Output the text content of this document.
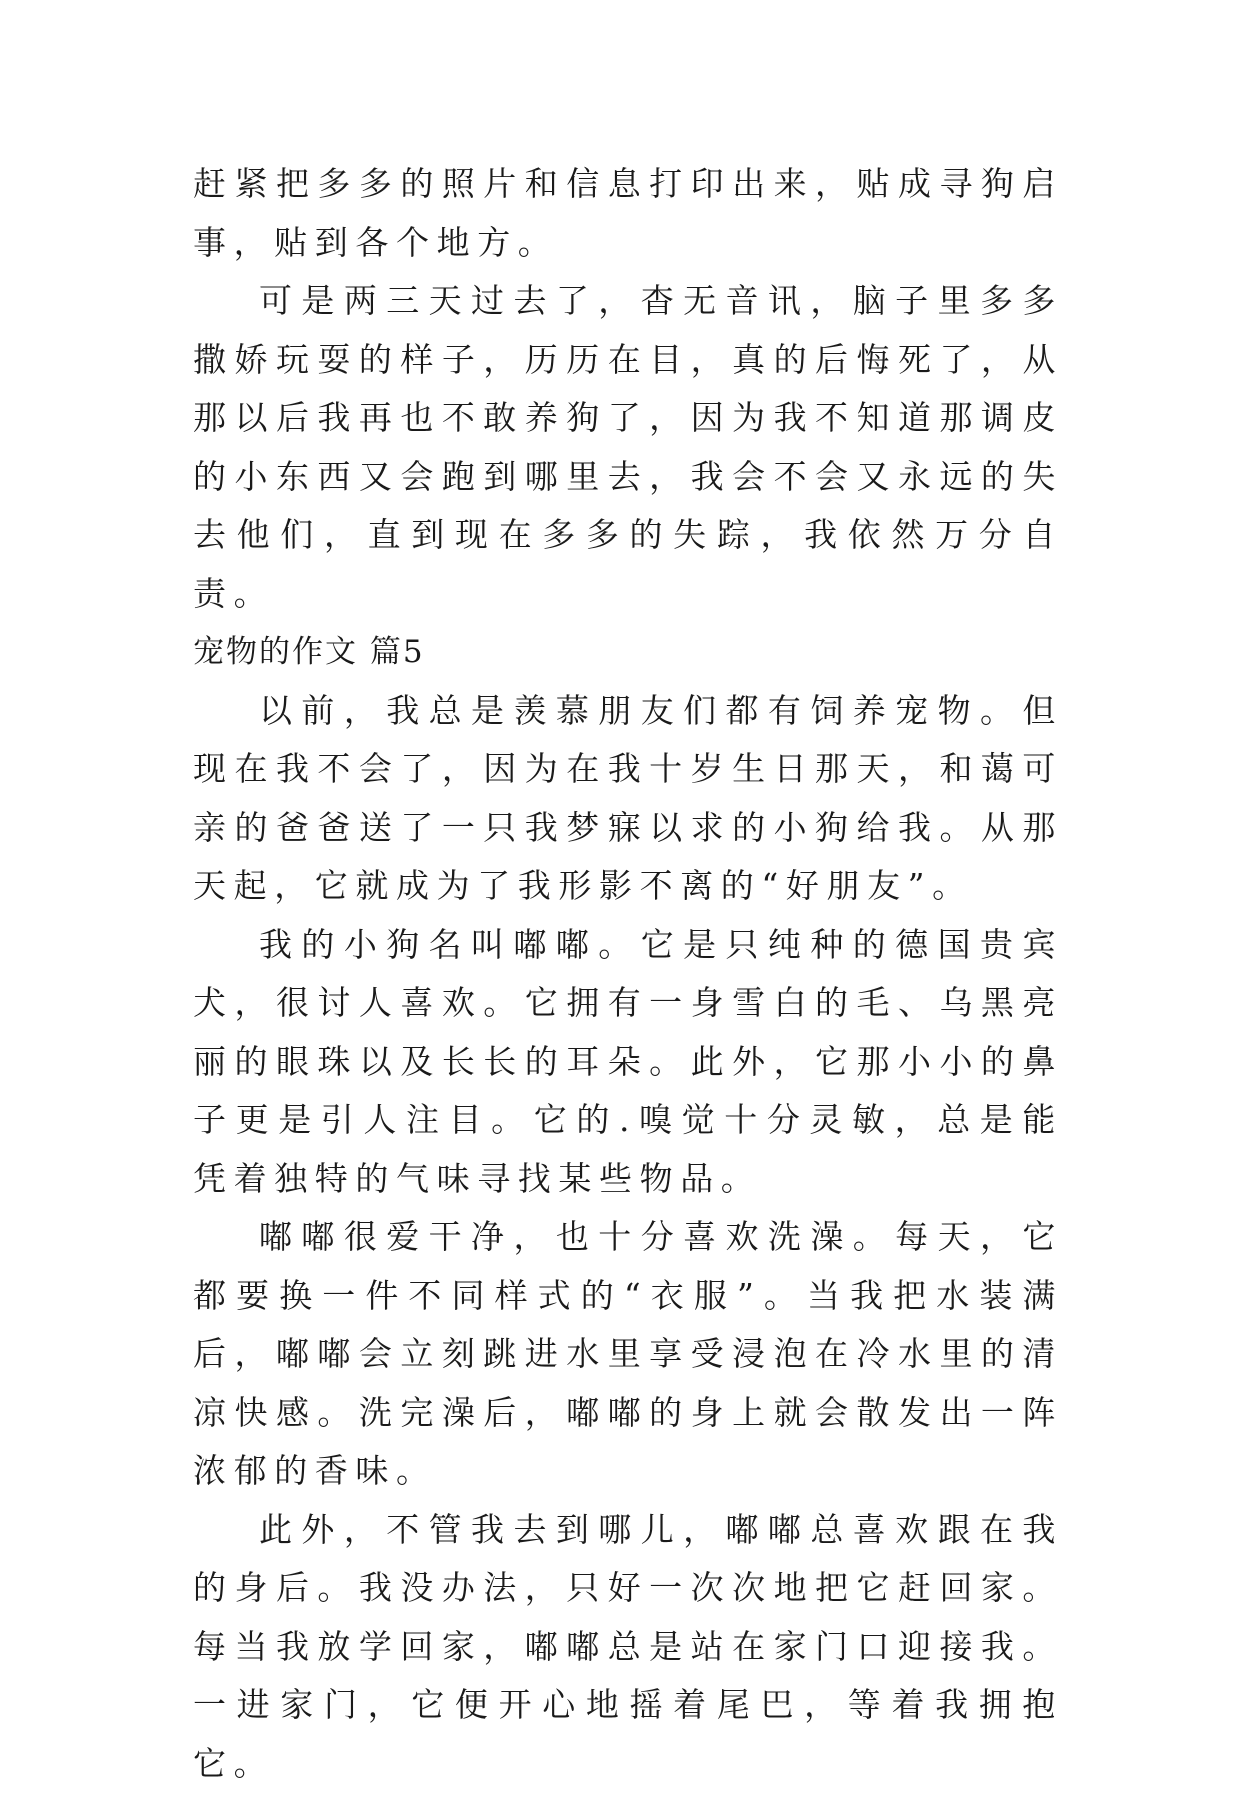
赶紧把多多的照片和信息打印出来，贴成寻狗启事，贴到各个地方。

可是两三天过去了，杳无音讯，脑子里多多撒娇玩耍的样子，历历在目，真的后悔死了，从那以后我再也不敢养狗了，因为我不知道那调皮的小东西又会跑到哪里去，我会不会又永远的失去他们，直到现在多多的失踪，我依然万分自责。

宠物的作文 篇5

以前，我总是羡慕朋友们都有饲养宠物。但现在我不会了，因为在我十岁生日那天，和蔼可亲的爸爸送了一只我梦寐以求的小狗给我。从那天起，它就成为了我形影不离的“好朋友”。

我的小狗名叫嘟嘟。它是只纯种的德国贵宾犬，很讨人喜欢。它拥有一身雪白的毛、乌黑亮丽的眼珠以及长长的耳朵。此外，它那小小的鼻子更是引人注目。它的.嗅觉十分灵敏，总是能凭着独特的气味寻找某些物品。

嘟嘟很爱干净，也十分喜欢洗澡。每天，它都要换一件不同样式的“衣服”。当我把水装满后，嘟嘟会立刻跳进水里享受浸泡在冷水里的清凉快感。洗完澡后，嘟嘟的身上就会散发出一阵浓郁的香味。

此外，不管我去到哪儿，嘟嘟总喜欢跟在我的身后。我没办法，只好一次次地把它赶回家。每当我放学回家，嘟嘟总是站在家门口迎接我。一进家门，它便开心地摇着尾巴，等着我拥抱它。
